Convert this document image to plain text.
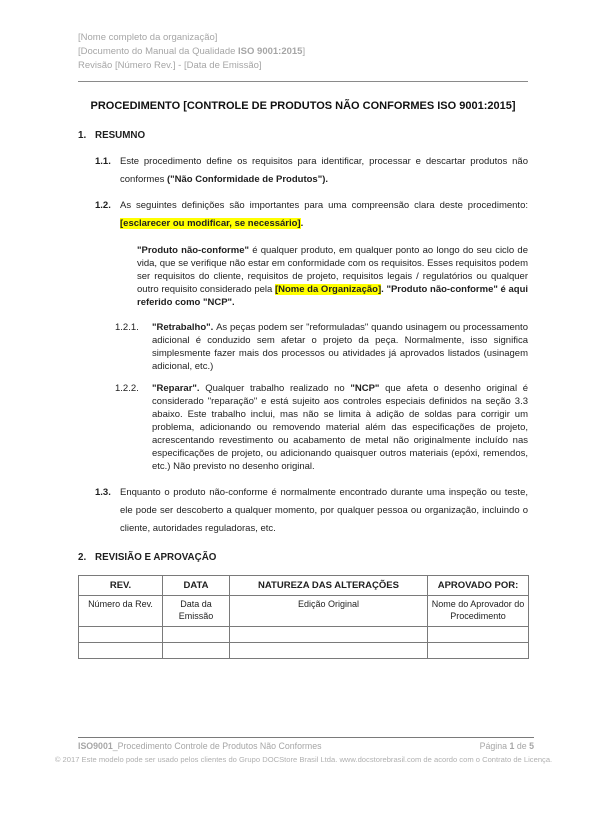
[Nome completo da organização]
[Documento do Manual da Qualidade ISO 9001:2015]
Revisão [Número Rev.] - [Data de Emissão]
PROCEDIMENTO [CONTROLE DE PRODUTOS NÃO CONFORMES ISO 9001:2015]
1. RESUMNO
1.1. Este procedimento define os requisitos para identificar, processar e descartar produtos não conformes ("Não Conformidade de Produtos").
1.2. As seguintes definições são importantes para uma compreensão clara deste procedimento: [esclarecer ou modificar, se necessário].
"Produto não-conforme" é qualquer produto, em qualquer ponto ao longo do seu ciclo de vida, que se verifique não estar em conformidade com os requisitos. Esses requisitos podem ser requisitos do cliente, requisitos de projeto, requisitos legais / regulatórios ou qualquer outro requisito considerado pela [Nome da Organização]. "Produto não-conforme" é aqui referido como "NCP".
1.2.1.	"Retrabalho". As peças podem ser "reformuladas" quando usinagem ou processamento adicional é conduzido sem afetar o projeto da peça. Normalmente, isso significa simplesmente fazer mais dos processos ou atividades já aprovados listados (usinagem adicional, etc.)
1.2.2.	"Reparar". Qualquer trabalho realizado no "NCP" que afeta o desenho original é considerado "reparação" e está sujeito aos controles especiais definidos na seção 3.3 abaixo. Este trabalho inclui, mas não se limita à adição de soldas para corrigir um problema, adicionando ou removendo material além das especificações de projeto, acrescentando revestimento ou acabamento de metal não originalmente incluído nas especificações de projeto, ou adicionando quaisquer outros materiais (epóxi, remendos, etc.) Não previsto no desenho original.
1.3. Enquanto o produto não-conforme é normalmente encontrado durante uma inspeção ou teste, ele pode ser descoberto a qualquer momento, por qualquer pessoa ou organização, incluindo o cliente, autoridades reguladoras, etc.
2. REVISIÃO E APROVAÇÃO
REV.	DATA	NATUREZA DAS ALTERAÇÕES	APROVADO POR:
Número da Rev.	Data da Emissão	Edição Original	Nome do Aprovador do Procedimento

ISO9001_Procedimento Controle de Produtos Não Conformes	Página 1 de 5
© 2017 Este modelo pode ser usado pelos clientes do Grupo DOCStore Brasil Ltda. www.docstorebrasil.com de acordo com o Contrato de Licença.
